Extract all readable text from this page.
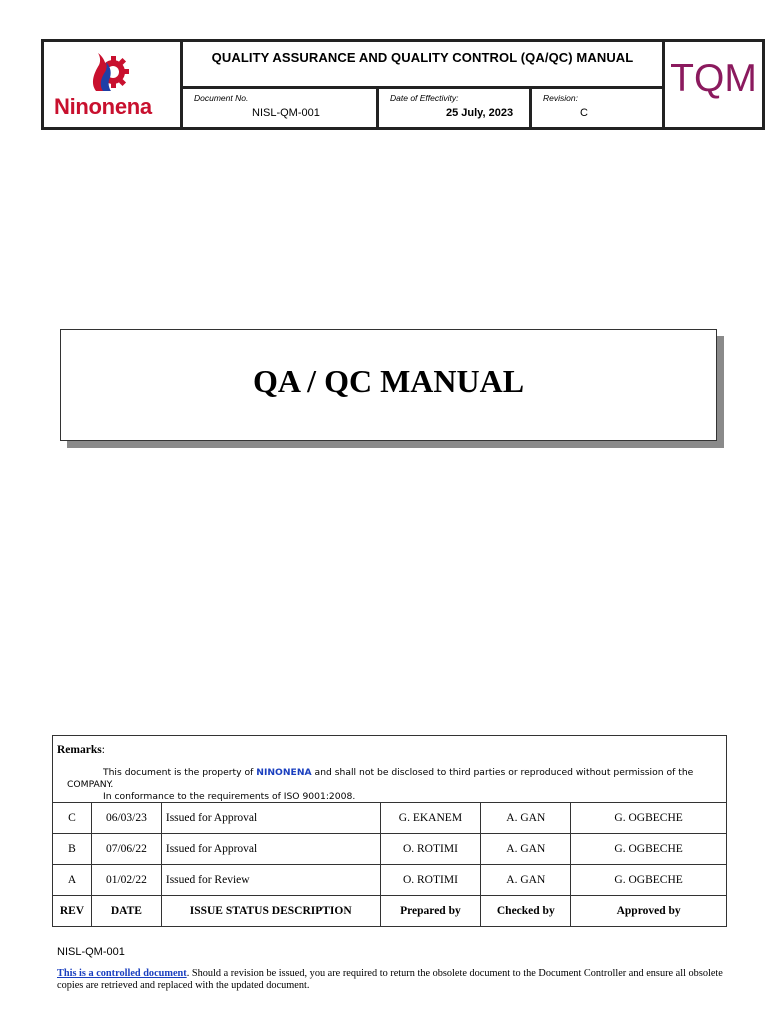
Ninonena
QUALITY ASSURANCE AND QUALITY CONTROL (QA/QC) MANUAL
Document No.
NISL-QM-001
Date of Effectivity:
25 July, 2023
Revision:
C
TQM
QA / QC MANUAL
Remarks:
This document is the property of NINONENA and shall not be disclosed to third parties or reproduced without permission of the COMPANY.
In conformance to the requirements of ISO 9001:2008.					

C	06/03/23	Issued for Approval	G. EKANEM	A. GAN	G. OGBECHE
B	07/06/22	Issued for Approval	O. ROTIMI	A. GAN	G. OGBECHE
A	01/02/22	Issued for Review	O. ROTIMI	A. GAN	G. OGBECHE
REV	DATE	ISSUE STATUS DESCRIPTION	Prepared by	Checked by	Approved by
NISL-QM-001
This is a controlled document. Should a revision be issued, you are required to return the obsolete document to the Document Controller and ensure all obsolete copies are retrieved and replaced with the updated document.
